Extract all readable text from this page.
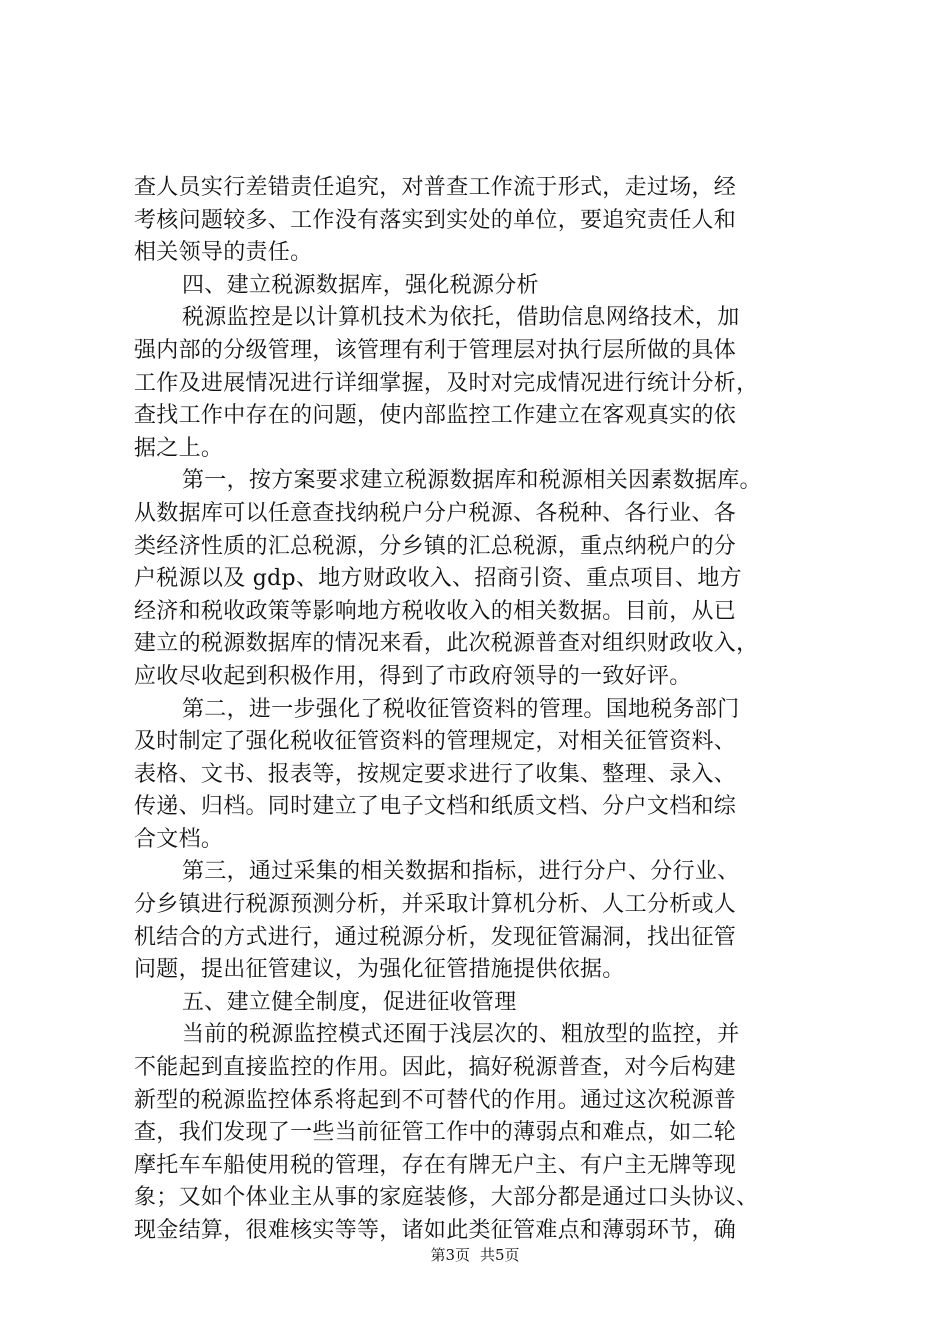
查人员实行差错责任追究，对普查工作流于形式，走过场，经
考核问题较多、工作没有落实到实处的单位，要追究责任人和
相关领导的责任。
四、建立税源数据库，强化税源分析
税源监控是以计算机技术为依托，借助信息网络技术，加
强内部的分级管理，该管理有利于管理层对执行层所做的具体
工作及进展情况进行详细掌握，及时对完成情况进行统计分析，
查找工作中存在的问题，使内部监控工作建立在客观真实的依
据之上。
第一，按方案要求建立税源数据库和税源相关因素数据库。
从数据库可以任意查找纳税户分户税源、各税种、各行业、各
类经济性质的汇总税源，分乡镇的汇总税源，重点纳税户的分
户税源以及 gdp、地方财政收入、招商引资、重点项目、地方
经济和税收政策等影响地方税收收入的相关数据。目前，从已
建立的税源数据库的情况来看，此次税源普查对组织财政收入，
应收尽收起到积极作用，得到了市政府领导的一致好评。
第二，进一步强化了税收征管资料的管理。国地税务部门
及时制定了强化税收征管资料的管理规定，对相关征管资料、
表格、文书、报表等，按规定要求进行了收集、整理、录入、
传递、归档。同时建立了电子文档和纸质文档、分户文档和综
合文档。
第三，通过采集的相关数据和指标，进行分户、分行业、
分乡镇进行税源预测分析，并采取计算机分析、人工分析或人
机结合的方式进行，通过税源分析，发现征管漏洞，找出征管
问题，提出征管建议，为强化征管措施提供依据。
五、建立健全制度，促进征收管理
当前的税源监控模式还囿于浅层次的、粗放型的监控，并
不能起到直接监控的作用。因此，搞好税源普查，对今后构建
新型的税源监控体系将起到不可替代的作用。通过这次税源普
查，我们发现了一些当前征管工作中的薄弱点和难点，如二轮
摩托车车船使用税的管理，存在有牌无户主、有户主无牌等现
象；又如个体业主从事的家庭装修，大部分都是通过口头协议、
现金结算，很难核实等等，诸如此类征管难点和薄弱环节，确
第3页 共5页
